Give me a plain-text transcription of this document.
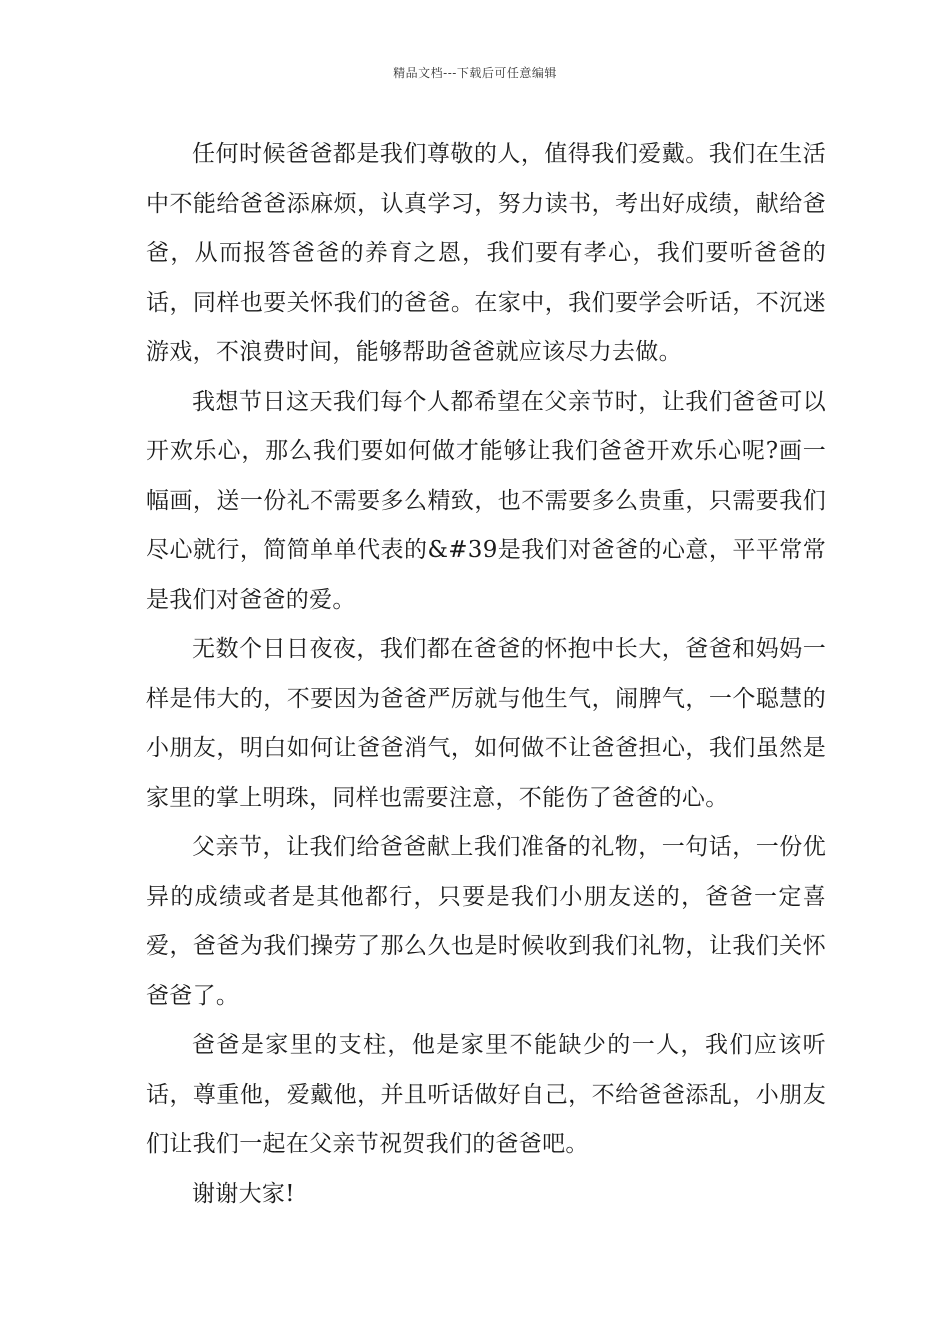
精品文档---下载后可任意编辑

任何时候爸爸都是我们尊敬的人，值得我们爱戴。我们在生活中不能给爸爸添麻烦，认真学习，努力读书，考出好成绩，献给爸爸，从而报答爸爸的养育之恩，我们要有孝心，我们要听爸爸的话，同样也要关怀我们的爸爸。在家中，我们要学会听话，不沉迷游戏，不浪费时间，能够帮助爸爸就应该尽力去做。

我想节日这天我们每个人都希望在父亲节时，让我们爸爸可以开欢乐心，那么我们要如何做才能够让我们爸爸开欢乐心呢?画一幅画，送一份礼不需要多么精致，也不需要多么贵重，只需要我们尽心就行，简简单单代表的&#39是我们对爸爸的心意，平平常常是我们对爸爸的爱。

无数个日日夜夜，我们都在爸爸的怀抱中长大，爸爸和妈妈一样是伟大的，不要因为爸爸严厉就与他生气，闹脾气，一个聪慧的小朋友，明白如何让爸爸消气，如何做不让爸爸担心，我们虽然是家里的掌上明珠，同样也需要注意，不能伤了爸爸的心。

父亲节，让我们给爸爸献上我们准备的礼物，一句话，一份优异的成绩或者是其他都行，只要是我们小朋友送的，爸爸一定喜爱，爸爸为我们操劳了那么久也是时候收到我们礼物，让我们关怀爸爸了。

爸爸是家里的支柱，他是家里不能缺少的一人，我们应该听话，尊重他，爱戴他，并且听话做好自己，不给爸爸添乱，小朋友们让我们一起在父亲节祝贺我们的爸爸吧。

谢谢大家!
